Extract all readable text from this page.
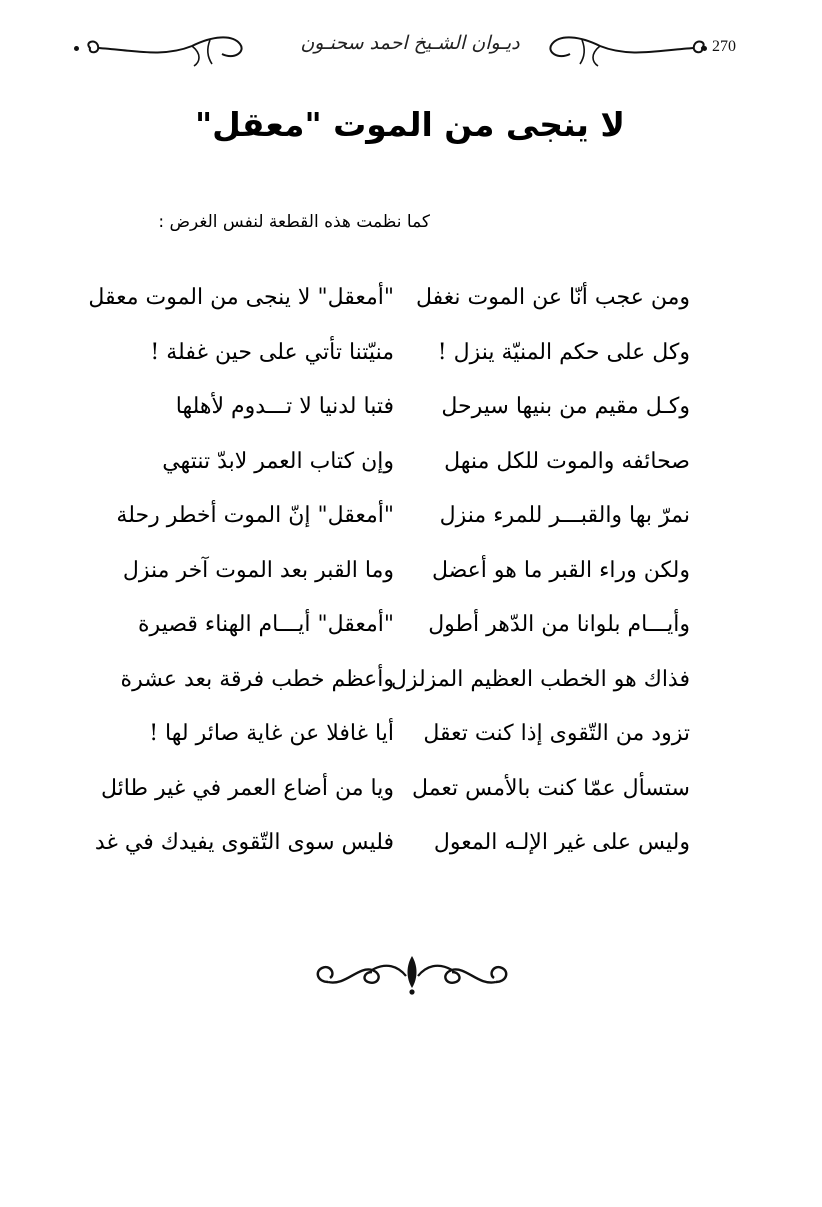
270
ديـوان الشـيخ احمد سحنـون
لا ينجى من الموت "معقل"
كما نظمت هذه القطعة لنفس الغرض :
"أمعقل" لا ينجى من الموت معقل ومن عجب أنّا عن الموت نغفل
منيّتنا تأتي على حين غفلة ! وكل على حكم المنيّة ينزل !
فتبا لدنيا لا تـــدوم لأهلها وكـل مقيم من بنيها سيرحل
وإن كتاب العمر لابدّ تنتهي	صحائفه والموت للكل منهل
"أمعقل" إنّ الموت أخطر رحلة نمرّ بها والقبـــر للمرء منزل
وما القبر بعد الموت آخر منزل ولكن وراء القبر ما هو أعضل
"أمعقل" أيـــام الهناء قصيرة وأيـــام بلوانا من الدّهر أطول
وأعظم خطب فرقة بعد عشرة
فذاك هو الخطب العظيم المزلزل
أيا غافلا عن غاية صائر لها ! تزود من التّقوى إذا كنت تعقل
ويا من أضاع العمر في غير طائل ستسأل عمّا كنت بالأمس تعمل
فليس سوى التّقوى يفيدك في غد وليس على غير الإلـه المعول
